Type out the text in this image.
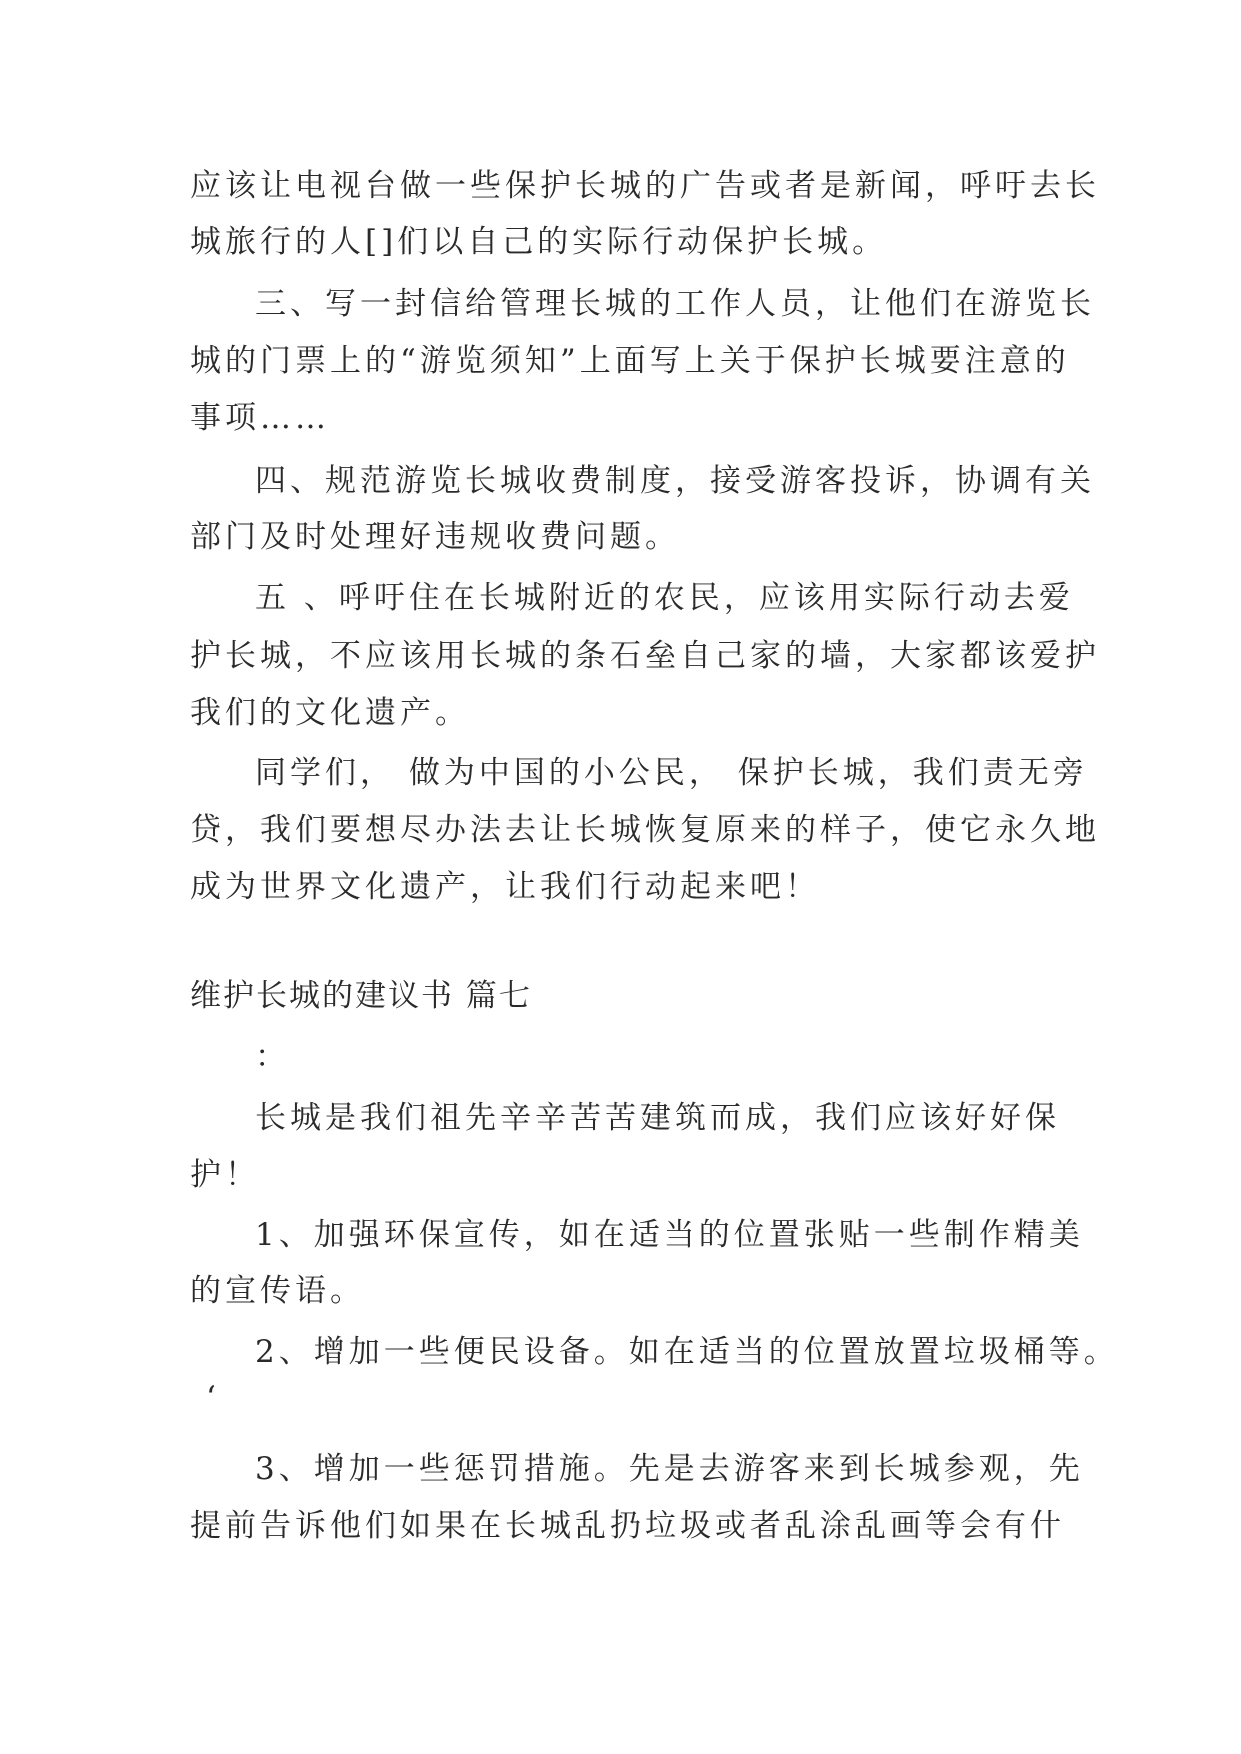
应该让电视台做一些保护长城的广告或者是新闻，呼吁去长
城旅行的人[]们以自己的实际行动保护长城。
三、写一封信给管理长城的工作人员，让他们在游览长
城的门票上的“游览须知”上面写上关于保护长城要注意的
事项……
四、规范游览长城收费制度，接受游客投诉，协调有关
部门及时处理好违规收费问题。
五 、呼吁住在长城附近的农民，应该用实际行动去爱
护长城，不应该用长城的条石垒自己家的墙，大家都该爱护
我们的文化遗产。
同学们， 做为中国的小公民， 保护长城，我们责无旁
贷，我们要想尽办法去让长城恢复原来的样子，使它永久地
成为世界文化遗产，让我们行动起来吧！
维护长城的建议书 篇七
：
长城是我们祖先辛辛苦苦建筑而成，我们应该好好保
护！
1、加强环保宣传，如在适当的位置张贴一些制作精美
的宣传语。
2、增加一些便民设备。如在适当的位置放置垃圾桶等。
‘
3、增加一些惩罚措施。先是去游客来到长城参观，先
提前告诉他们如果在长城乱扔垃圾或者乱涂乱画等会有什
